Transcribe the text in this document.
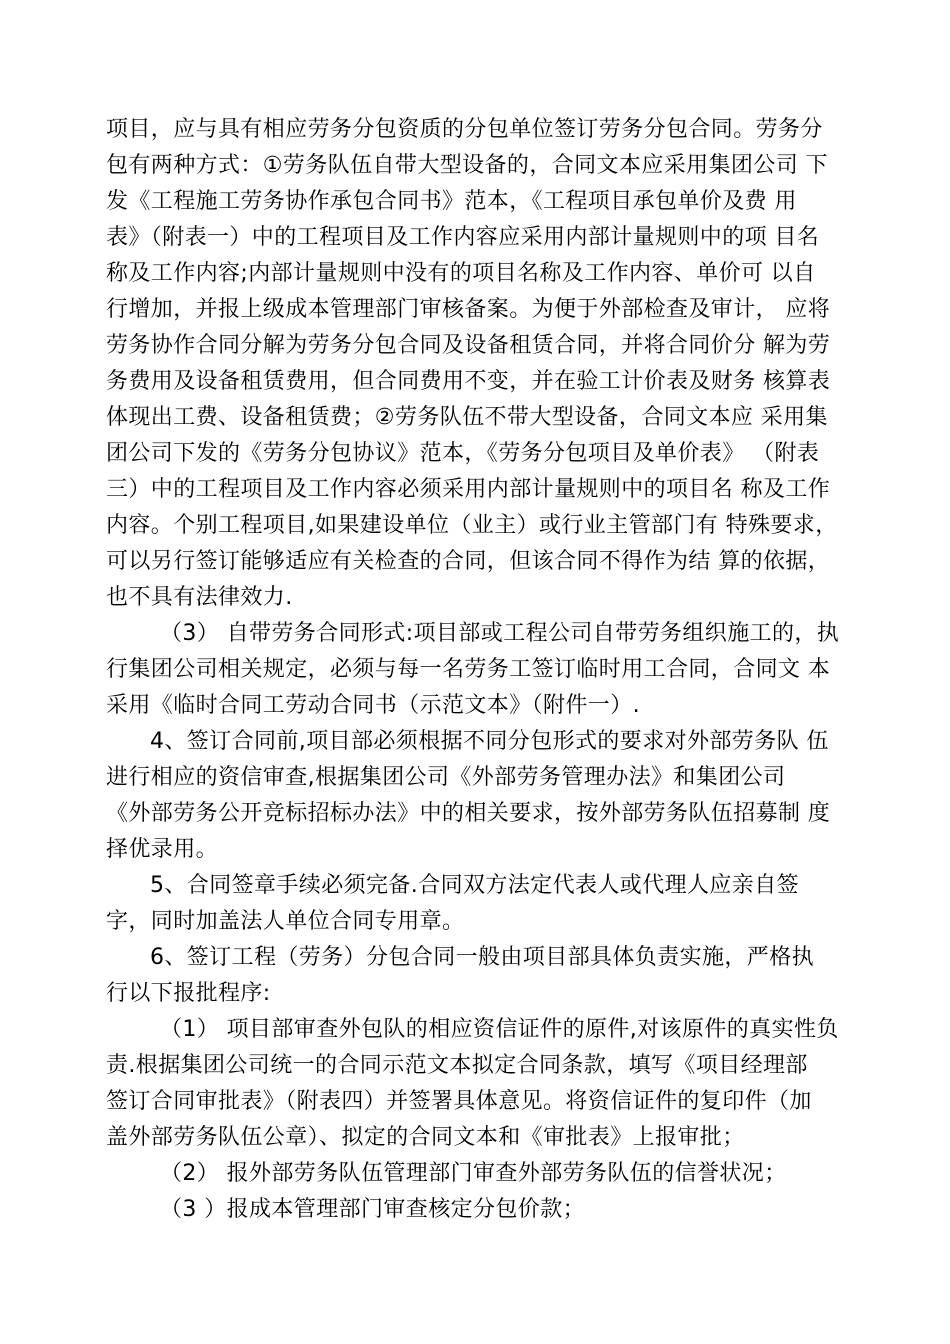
项目，应与具有相应劳务分包资质的分包单位签订劳务分包合同。劳务分
包有两种方式：①劳务队伍自带大型设备的，合同文本应采用集团公司 下
发《工程施工劳务协作承包合同书》范本，《工程项目承包单价及费 用
表》（附表一）中的工程项目及工作内容应采用内部计量规则中的项 目名
称及工作内容;内部计量规则中没有的项目名称及工作内容、单价可 以自
行增加，并报上级成本管理部门审核备案。为便于外部检查及审计， 应将
劳务协作合同分解为劳务分包合同及设备租赁合同，并将合同价分 解为劳
务费用及设备租赁费用，但合同费用不变，并在验工计价表及财务 核算表
体现出工费、设备租赁费；②劳务队伍不带大型设备，合同文本应 采用集
团公司下发的《劳务分包协议》范本，《劳务分包项目及单价表》 （附表
三）中的工程项目及工作内容必须采用内部计量规则中的项目名 称及工作
内容。个别工程项目,如果建设单位（业主）或行业主管部门有 特殊要求，
可以另行签订能够适应有关检查的合同，但该合同不得作为结 算的依据，
也不具有法律效力.
（3） 自带劳务合同形式:项目部或工程公司自带劳务组织施工的，执
行集团公司相关规定，必须与每一名劳务工签订临时用工合同，合同文 本
采用《临时合同工劳动合同书（示范文本》（附件一）.
4、签订合同前,项目部必须根据不同分包形式的要求对外部劳务队 伍
进行相应的资信审查,根据集团公司《外部劳务管理办法》和集团公司
《外部劳务公开竞标招标办法》中的相关要求，按外部劳务队伍招募制 度
择优录用。
5、合同签章手续必须完备.合同双方法定代表人或代理人应亲自签
字，同时加盖法人单位合同专用章。
6、签订工程（劳务）分包合同一般由项目部具体负责实施，严格执
行以下报批程序:
（1） 项目部审查外包队的相应资信证件的原件,对该原件的真实性负
责.根据集团公司统一的合同示范文本拟定合同条款，填写《项目经理部
签订合同审批表》（附表四）并签署具体意见。将资信证件的复印件（加
盖外部劳务队伍公章）、拟定的合同文本和《审批表》上报审批；
（2） 报外部劳务队伍管理部门审查外部劳务队伍的信誉状况；
（3 ）报成本管理部门审查核定分包价款；
